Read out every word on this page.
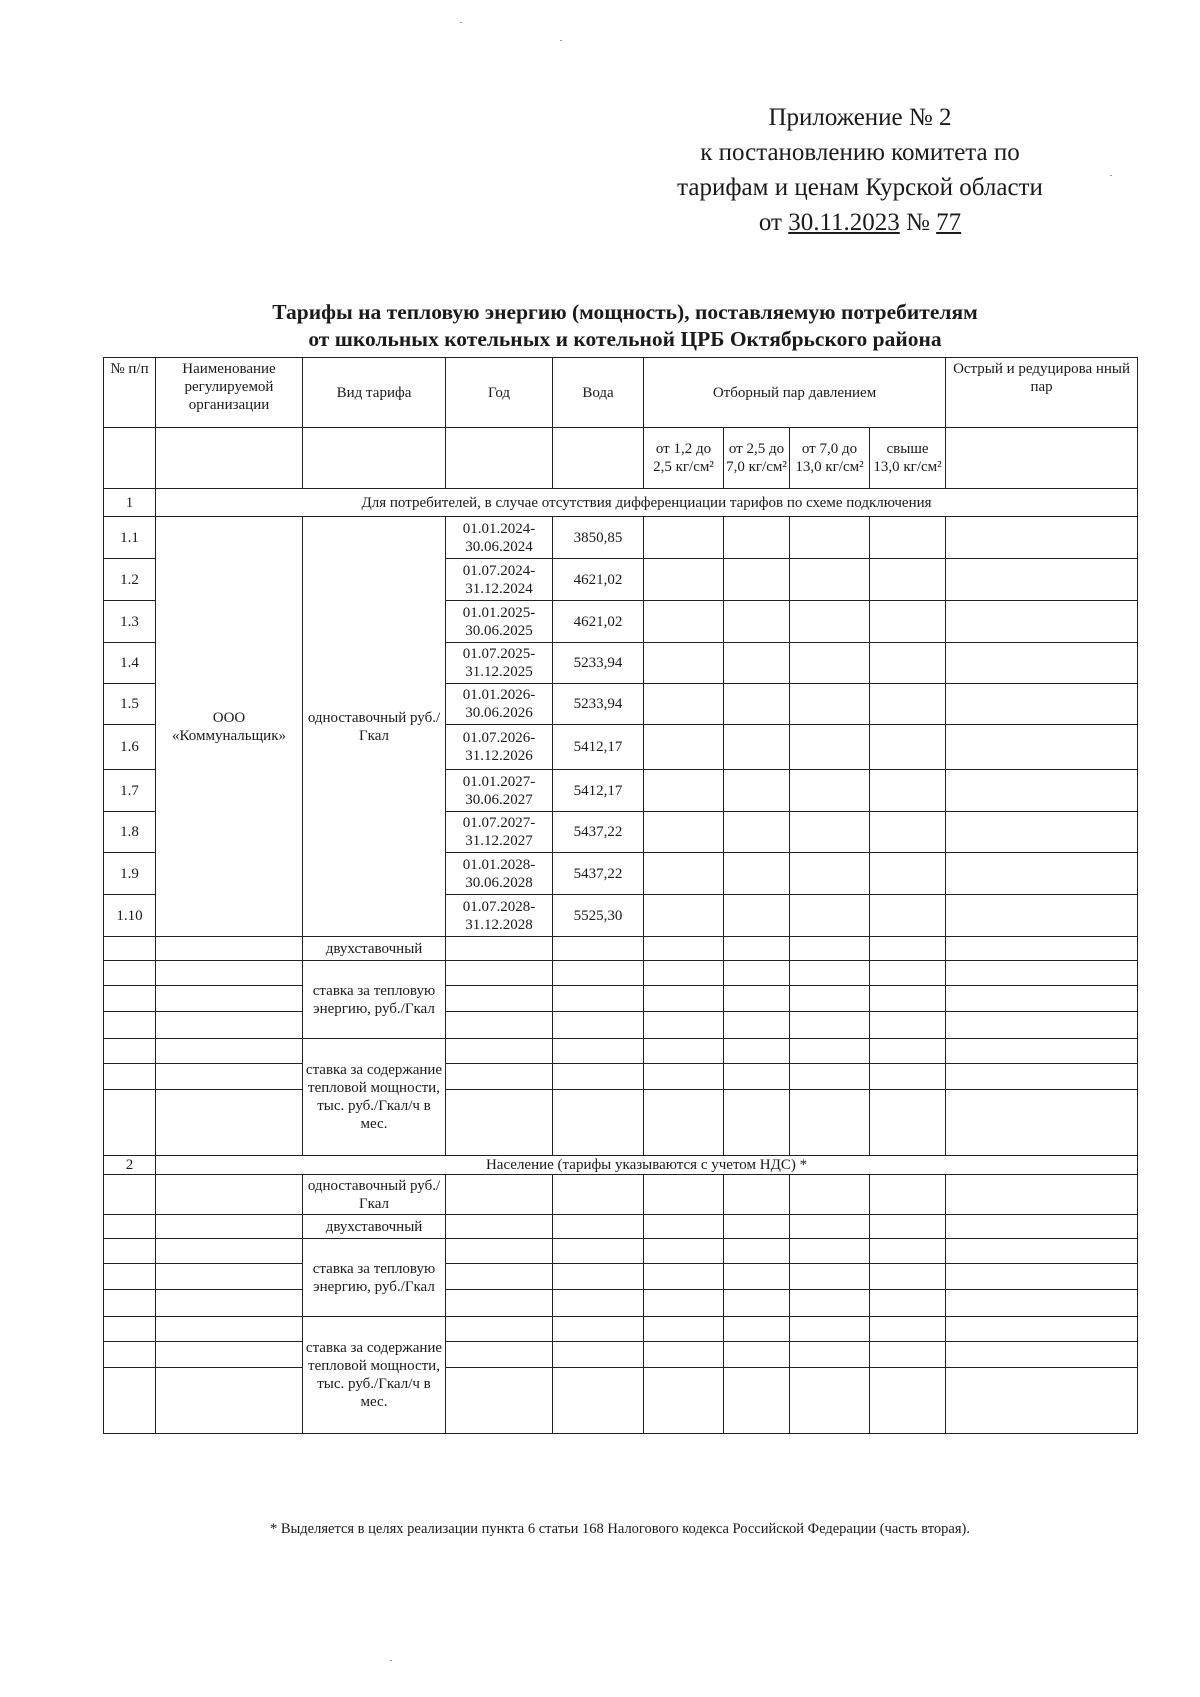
Приложение № 2
к постановлению комитета по
тарифам и ценам Курской области
от 30.11.2023 № 77
Тарифы на тепловую энергию (мощность), поставляемую потребителям
от школьных котельных и котельной ЦРБ Октябрьского района
№ п/п	Наименование регулируемой организации	Вид тарифа	Год	Вода	Отборный пар давлением				Острый и редуцирова нный пар
					от 1,2 до 2,5 кг/см²	от 2,5 до 7,0 кг/см²	от 7,0 до 13,0 кг/см²	свыше 13,0 кг/см²	
1	Для потребителей, в случае отсутствия дифференциации тарифов по схеме подключения								
1.1	ООО «Коммунальщик»	одноставочный руб./Гкал	01.01.2024-30.06.2024	3850,85					
1.2			01.07.2024-31.12.2024	4621,02					
1.3			01.01.2025-30.06.2025	4621,02					
1.4			01.07.2025-31.12.2025	5233,94					
1.5			01.01.2026-30.06.2026	5233,94					
1.6			01.07.2026-31.12.2026	5412,17					
1.7			01.01.2027-30.06.2027	5412,17					
1.8			01.07.2027-31.12.2027	5437,22					
1.9			01.01.2028-30.06.2028	5437,22					
1.10			01.07.2028-31.12.2028	5525,30					
		двухставочный							
		ставка за тепловую энергию, руб./Гкал							

		ставка за содержание тепловой мощности, тыс. руб./Гкал/ч в мес.							

2	Население (тарифы указываются с учетом НДС) *								
		одноставочный руб./Гкал							
		двухставочный							
		ставка за тепловую энергию, руб./Гкал							

		ставка за содержание тепловой мощности, тыс. руб./Гкал/ч в мес.							

* Выделяется в целях реализации пункта 6 статьи 168 Налогового кодекса Российской Федерации (часть вторая).
